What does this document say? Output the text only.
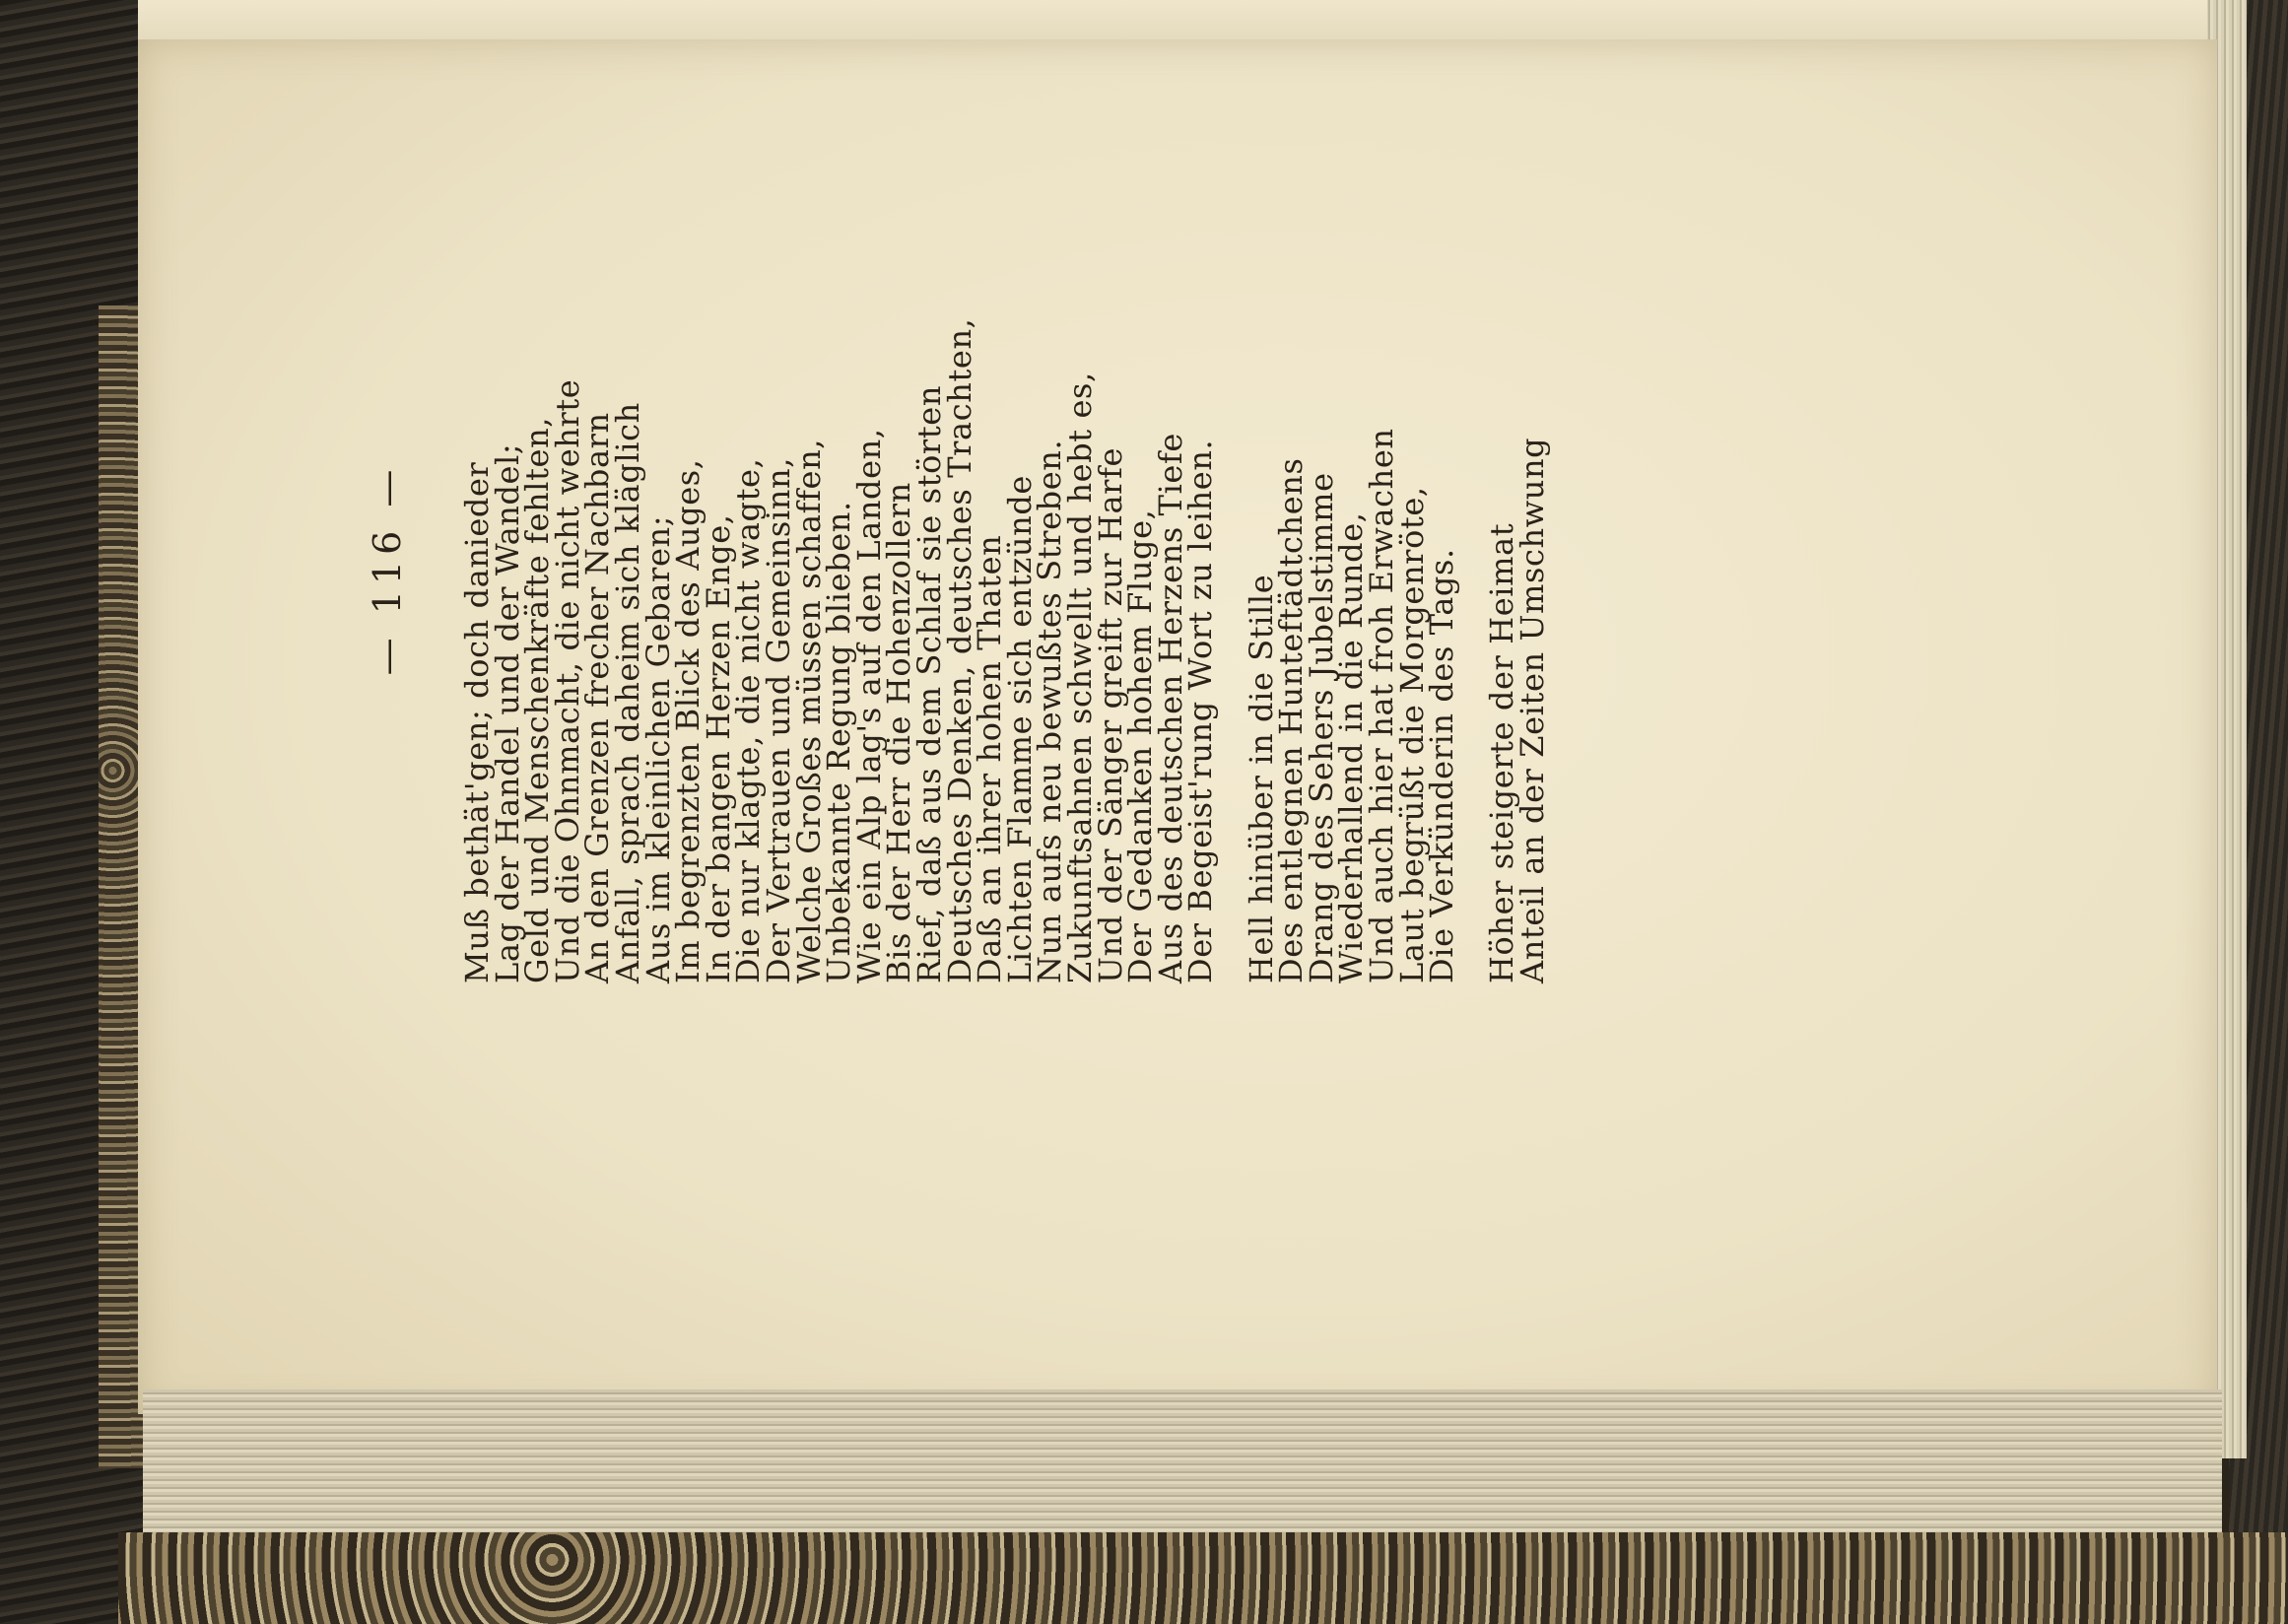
— 116 — Muß bethät'gen; doch danieder
Lag der Handel und der Wandel;
Geld und Menschenkräfte fehlten,
Und die Ohnmacht, die nicht wehrte
An den Grenzen frecher Nachbarn
Anfall, sprach daheim sich kläglich
Aus im kleinlichen Gebaren;
Im begrenzten Blick des Auges,
In der bangen Herzen Enge,
Die nur klagte, die nicht wagte,
Der Vertrauen und Gemeinsinn,
Welche Großes müssen schaffen,
Unbekannte Regung blieben.
Wie ein Alp lag's auf den Landen,
Bis der Herr die Hohenzollern
Rief, daß aus dem Schlaf sie störten
Deutsches Denken, deutsches Trachten,
Daß an ihrer hohen Thaten
Lichten Flamme sich entzünde
Nun aufs neu bewußtes Streben.
Zukunftsahnen schwellt und hebt es,
Und der Sänger greift zur Harfe
Der Gedanken hohem Fluge,
Aus des deutschen Herzens Tiefe
Der Begeist'rung Wort zu leihen. Hell hinüber in die Stille
Des entlegnen Hunteftädtchens
Drang des Sehers Jubelstimme
Wiederhallend in die Runde,
Und auch hier hat froh Erwachen
Laut begrüßt die Morgenröte,
Die Verkünderin des Tags. Höher steigerte der Heimat
Anteil an der Zeiten Umschwung
